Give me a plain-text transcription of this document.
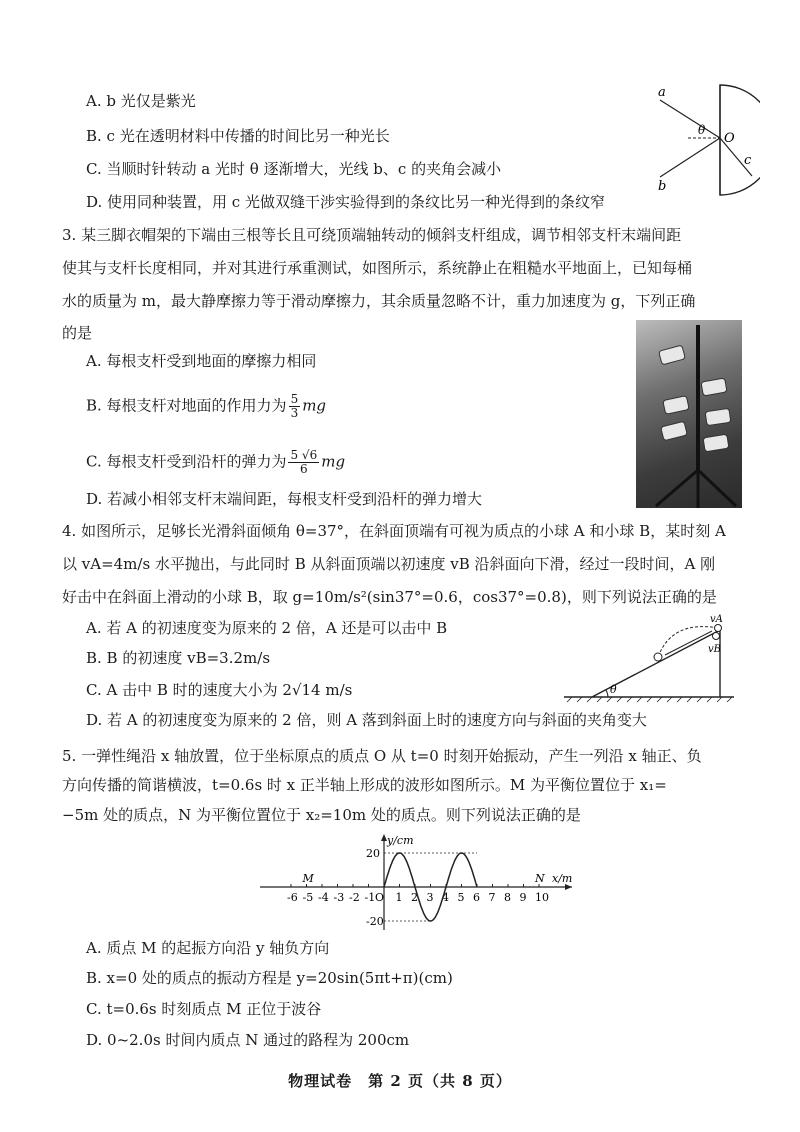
A. b 光仅是紫光
B. c 光在透明材料中传播的时间比另一种光长
C. 当顺时针转动 a 光时 θ 逐渐增大，光线 b、c 的夹角会减小
D. 使用同种装置，用 c 光做双缝干涉实验得到的条纹比另一种光得到的条纹窄
a
b
c
θ
O
3. 某三脚衣帽架的下端由三根等长且可绕顶端轴转动的倾斜支杆组成，调节相邻支杆末端间距
使其与支杆长度相同，并对其进行承重测试，如图所示，系统静止在粗糙水平地面上，已知每桶
水的质量为 m，最大静摩擦力等于滑动摩擦力，其余质量忽略不计，重力加速度为 g，下列正确
的是
A. 每根支杆受到地面的摩擦力相同
B. 每根支杆对地面的作用力为 $\frac{5}{3}$ mg
C. 每根支杆受到沿杆的弹力为 $\frac{5 √6}{6}$ mg
D. 若减小相邻支杆末端间距，每根支杆受到沿杆的弹力增大
4. 如图所示，足够长光滑斜面倾角 θ=37°，在斜面顶端有可视为质点的小球 A 和小球 B，某时刻 A
以 vA=4m/s 水平抛出，与此同时 B 从斜面顶端以初速度 vB 沿斜面向下滑，经过一段时间，A 刚
好击中在斜面上滑动的小球 B，取 g=10m/s²(sin37°=0.6，cos37°=0.8)，则下列说法正确的是
A. 若 A 的初速度变为原来的 2 倍，A 还是可以击中 B
B. B 的初速度 vB=3.2m/s
C. A 击中 B 时的速度大小为 2√14 m/s
D. 若 A 的初速度变为原来的 2 倍，则 A 落到斜面上时的速度方向与斜面的夹角变大
θ
vA
vB
5. 一弹性绳沿 x 轴放置，位于坐标原点的质点 O 从 t=0 时刻开始振动，产生一列沿 x 轴正、负
方向传播的简谐横波，t=0.6s 时 x 正半轴上形成的波形如图所示。M 为平衡位置位于 x₁=
−5m 处的质点，N 为平衡位置位于 x₂=10m 处的质点。则下列说法正确的是
y/cm
x/m
-6 -5 -4 -3 -2 -1 O 1 2 3 4 5 6 7 8 9 10
20
-20
M	N
A. 质点 M 的起振方向沿 y 轴负方向
B. x=0 处的质点的振动方程是 y=20sin(5πt+π)(cm)
C. t=0.6s 时刻质点 M 正位于波谷
D. 0~2.0s 时间内质点 N 通过的路程为 200cm
物理试卷　第 2 页（共 8 页）
